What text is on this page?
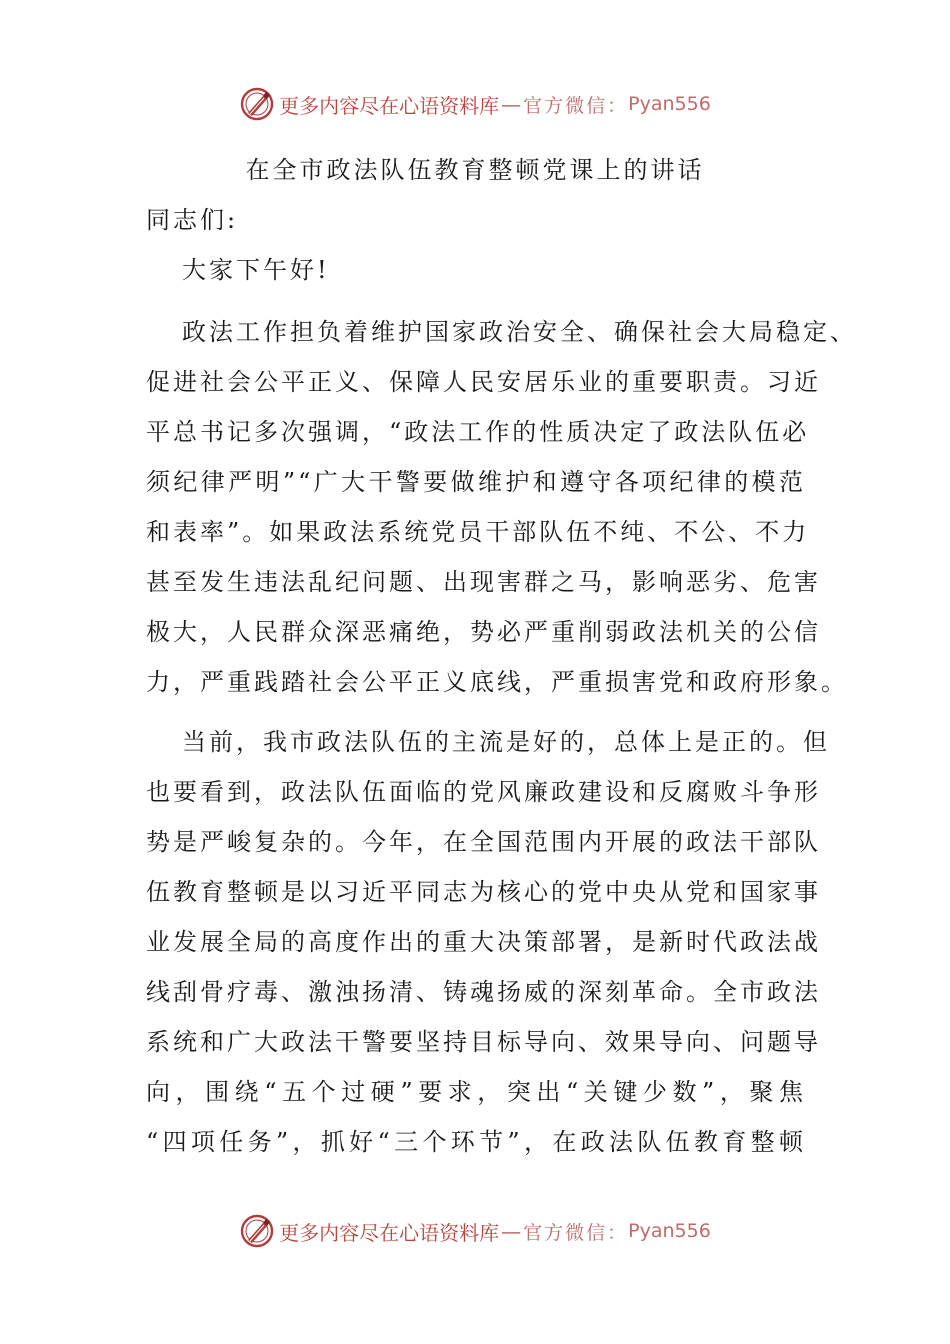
更多内容尽在心语资料库 — 官方微信： Pyan556
在全市政法队伍教育整顿党课上的讲话
同志们:
大家下午好!
政法工作担负着维护国家政治安全、确保社会大局稳定、
促进社会公平正义、保障人民安居乐业的重要职责。习近
平总书记多次强调，“政法工作的性质决定了政法队伍必
须纪律严明”“广大干警要做维护和遵守各项纪律的模范
和表率”。如果政法系统党员干部队伍不纯、不公、不力
甚至发生违法乱纪问题、出现害群之马，影响恶劣、危害
极大，人民群众深恶痛绝，势必严重削弱政法机关的公信
力，严重践踏社会公平正义底线，严重损害党和政府形象。
当前，我市政法队伍的主流是好的，总体上是正的。但
也要看到，政法队伍面临的党风廉政建设和反腐败斗争形
势是严峻复杂的。今年，在全国范围内开展的政法干部队
伍教育整顿是以习近平同志为核心的党中央从党和国家事
业发展全局的高度作出的重大决策部署，是新时代政法战
线刮骨疗毒、激浊扬清、铸魂扬威的深刻革命。全市政法
系统和广大政法干警要坚持目标导向、效果导向、问题导
向，围绕“五个过硬”要求，突出“关键少数”，聚焦
“四项任务”，抓好“三个环节”，在政法队伍教育整顿
更多内容尽在心语资料库 — 官方微信： Pyan556
